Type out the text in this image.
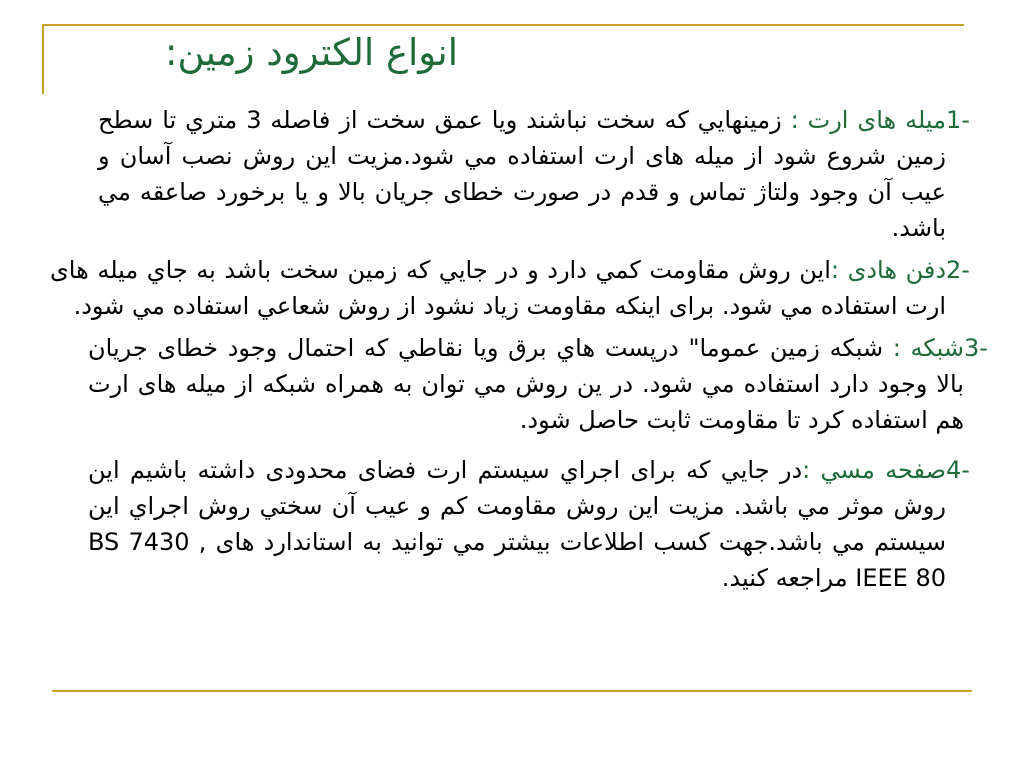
انواع الکترود زمین:
1-
ميله های ارت : زمينهايي كه سخت نباشند ويا عمق سخت از فاصله 3 متري تا سطح زمين شروع شود از ميله های ارت استفاده مي شود.مزيت اين روش نصب آسان و عيب آن وجود ولتاژ تماس و قدم در صورت خطای جريان بالا و يا برخورد صاعقه مي باشد.
2-
دفن هادی :اين روش مقاومت كمي دارد و در جايي كه زمين سخت باشد به جاي ميله های ارت استفاده مي شود. برای اينكه مقاومت زياد نشود از روش شعاعي استفاده مي شود.
3-
شبكه : شبكه زمين عموما" درپست هاي برق ويا نقاطي كه احتمال وجود خطای جريان بالا وجود دارد استفاده مي شود. در ين روش مي توان به همراه شبكه از ميله های ارت هم استفاده كرد تا مقاومت ثابت حاصل شود.
4-
صفحه مسي :در جايي كه برای اجراي سيستم ارت فضای محدودی داشته باشيم اين روش موثر مي باشد. مزيت اين روش مقاومت كم و عيب آن سختي روش اجراي اين سيستم مي باشد.جهت كسب اطلاعات بيشتر مي توانيد به استاندارد های BS 7430 , IEEE 80 مراجعه كنيد.
